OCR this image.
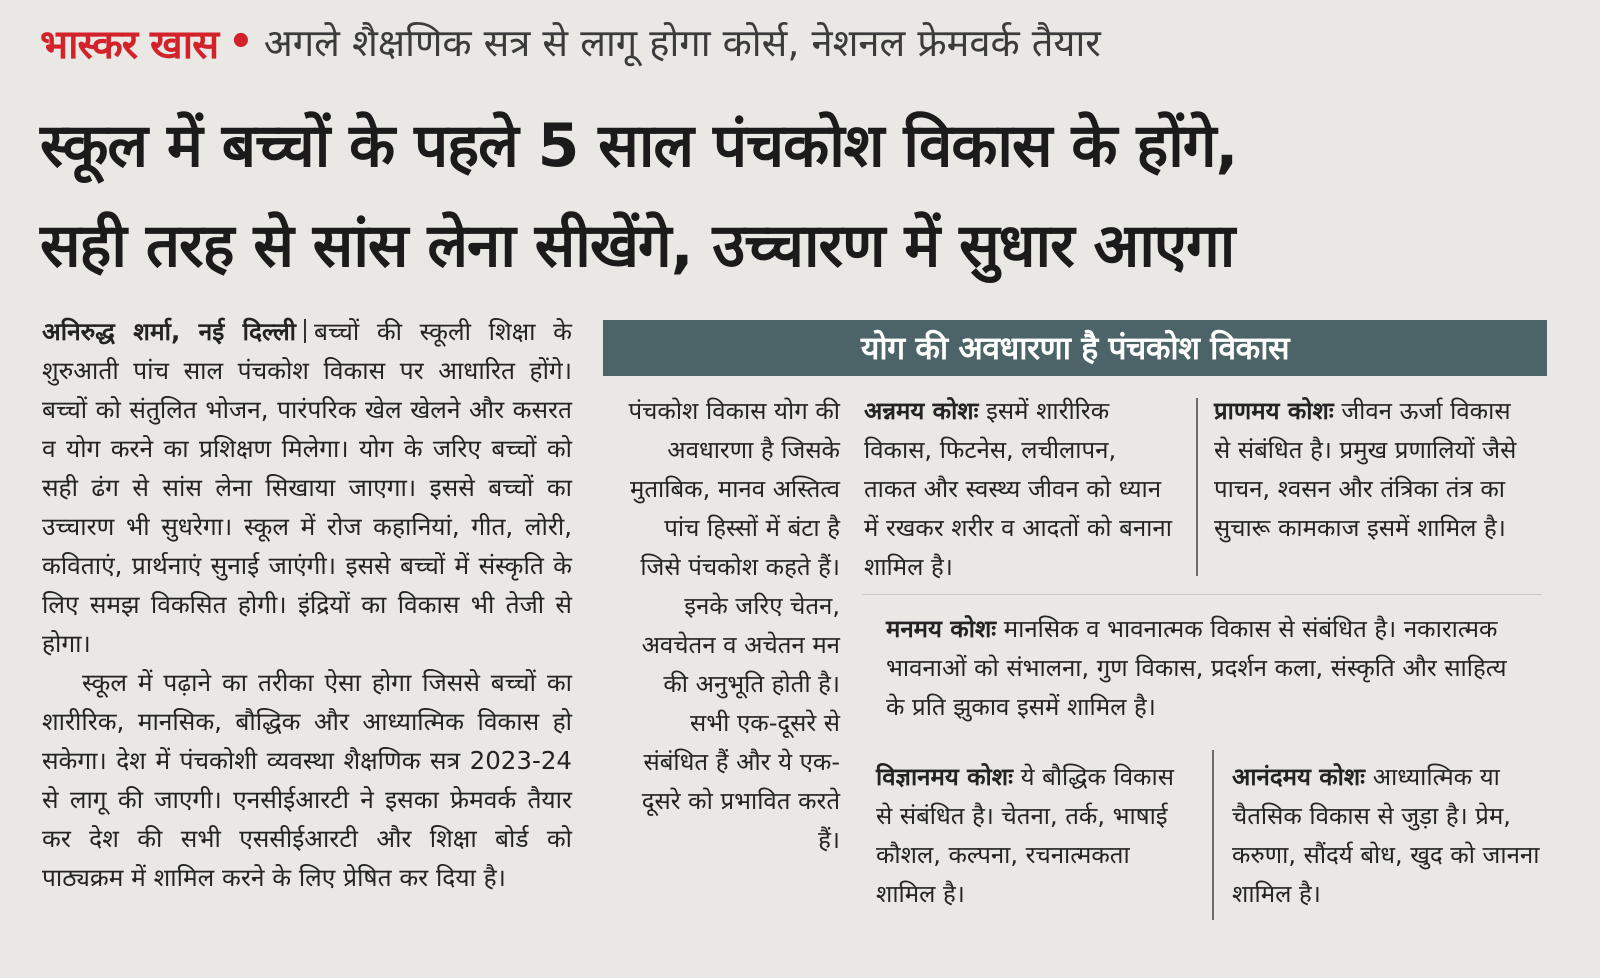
भास्कर खास • अगले शैक्षणिक सत्र से लागू होगा कोर्स, नेशनल फ्रेमवर्क तैयार
स्कूल में बच्चों के पहले 5 साल पंचकोश विकास के होंगे,
सही तरह से सांस लेना सीखेंगे, उच्चारण में सुधार आएगा

अनिरुद्ध शर्मा, नई दिल्ली बच्चों की स्कूली शिक्षा के शुरुआती पांच साल पंचकोश विकास पर आधारित होंगे। बच्चों को संतुलित भोजन, पारंपरिक खेल खेलने और कसरत व योग करने का प्रशिक्षण मिलेगा। योग के जरिए बच्चों को सही ढंग से सांस लेना सिखाया जाएगा। इससे बच्चों का उच्चारण भी सुधरेगा। स्कूल में रोज कहानियां, गीत, लोरी, कविताएं, प्रार्थनाएं सुनाई जाएंगी। इससे बच्चों में संस्कृति के लिए समझ विकसित होगी। इंद्रियों का विकास भी तेजी से होगा।

स्कूल में पढ़ाने का तरीका ऐसा होगा जिससे बच्चों का शारीरिक, मानसिक, बौद्धिक और आध्यात्मिक विकास हो सकेगा। देश में पंचकोशी व्यवस्था शैक्षणिक सत्र 2023-24 से लागू की जाएगी। एनसीईआरटी ने इसका फ्रेमवर्क तैयार कर देश की सभी एससीईआरटी और शिक्षा बोर्ड को पाठ्यक्रम में शामिल करने के लिए प्रेषित कर दिया है।

योग की अवधारणा है पंचकोश विकास
पंचकोश विकास योग की अवधारणा है जिसके मुताबिक, मानव अस्तित्व पांच हिस्सों में बंटा है जिसे पंचकोश कहते हैं। इनके जरिए चेतन, अवचेतन व अचेतन मन की अनुभूति होती है। सभी एक-दूसरे से संबंधित हैं और ये एक-दूसरे को प्रभावित करते हैं।
अन्नमय कोशः इसमें शारीरिक विकास, फिटनेस, लचीलापन, ताकत और स्वस्थ्य जीवन को ध्यान में रखकर शरीर व आदतों को बनाना शामिल है।
प्राणमय कोशः जीवन ऊर्जा विकास से संबंधित है। प्रमुख प्रणालियों जैसे पाचन, श्वसन और तंत्रिका तंत्र का सुचारू कामकाज इसमें शामिल है।
मनमय कोशः मानसिक व भावनात्मक विकास से संबंधित है। नकारात्मक भावनाओं को संभालना, गुण विकास, प्रदर्शन कला, संस्कृति और साहित्य के प्रति झुकाव इसमें शामिल है।
विज्ञानमय कोशः ये बौद्धिक विकास से संबंधित है। चेतना, तर्क, भाषाई कौशल, कल्पना, रचनात्मकता शामिल है।
आनंदमय कोशः आध्यात्मिक या चैतसिक विकास से जुड़ा है। प्रेम, करुणा, सौंदर्य बोध, खुद को जानना शामिल है।
